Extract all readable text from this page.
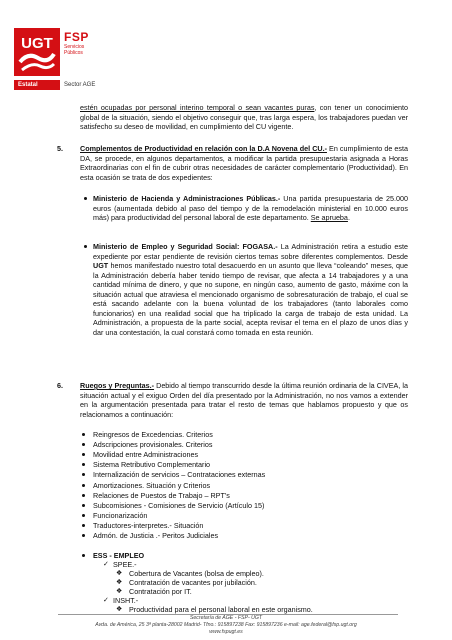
UGT FSP
Servicios Públicos
Estatal	Sector AGE

estén ocupadas por personal interino temporal o sean vacantes puras, con tener un conocimiento global de la situación, siendo el objetivo conseguir que, tras larga espera, los trabajadores puedan ver satisfecho su deseo de movilidad, en cumplimiento del CU vigente.

5. Complementos de Productividad en relación con la D.A Novena del CU.- En cumplimiento de esta DA, se procede, en algunos departamentos, a modificar la partida presupuestaria asignada a Horas Extraordinarias con el fin de cubrir otras necesidades de carácter complementario (Productividad). En esta ocasión se trata de dos expedientes:

Ministerio de Hacienda y Administraciones Públicas.- Una partida presupuestaria de 25.000 euros (aumentada debido al paso del tiempo y de la remodelación ministerial en 10.000 euros más) para productividad del personal laboral de este departamento. Se aprueba.

Ministerio de Empleo y Seguridad Social: FOGASA.- La Administración retira a estudio este expediente por estar pendiente de revisión ciertos temas sobre diferentes complementos. Desde UGT hemos manifestado nuestro total desacuerdo en un asunto que lleva “coleando” meses, que la Administración debería haber tenido tiempo de revisar, que afecta a 14 trabajadores y a una cantidad mínima de dinero, y que no supone, en ningún caso, aumento de gasto, máxime con la situación actual que atraviesa el mencionado organismo de sobresaturación de trabajo, el cual se está sacando adelante con la buena voluntad de los trabajadores (tanto laborales como funcionarios) en una realidad social que ha triplicado la carga de trabajo de esta unidad. La Administración, a propuesta de la parte social, acepta revisar el tema en el plazo de unos días y dar una contestación, la cual constará como tomada en esta reunión.

6. Ruegos y Preguntas.- Debido al tiempo transcurrido desde la última reunión ordinaria de la CIVEA, la situación actual y el exiguo Orden del día presentado por la Administración, no nos vamos a extender en la argumentación presentada para tratar el resto de temas que hablamos propuesto y que os relacionamos a continuación:

Reingresos de Excedencias. Criterios
Adscripciones provisionales. Criterios
Movilidad entre Administraciones
Sistema Retributivo Complementario
Internalización de servicios – Contrataciones externas
Amortizaciones. Situación y Criterios
Relaciones de Puestos de Trabajo – RPT’s
Subcomisiones - Comisiones de Servicio (Artículo 15)
Funcionarización
Traductores-interpretes.- Situación
Admón. de Justicia .- Peritos Judiciales
ESS - EMPLEO
✓ SPEE.-
❖ Cobertura de Vacantes (bolsa de empleo).
❖ Contratación de vacantes por jubilación.
❖ Contratación por IT.
✓ INSHT.-
❖ Productividad para el personal laboral en este organismo.
Secretaría de AGE - FSP- UGT
Avda. de América, 25 3ª planta-28002 Madrid- Tfno.: 915897238 Fax: 915897236 e-mail: age.federal@fsp.ugt.org
www.fspugt.es
